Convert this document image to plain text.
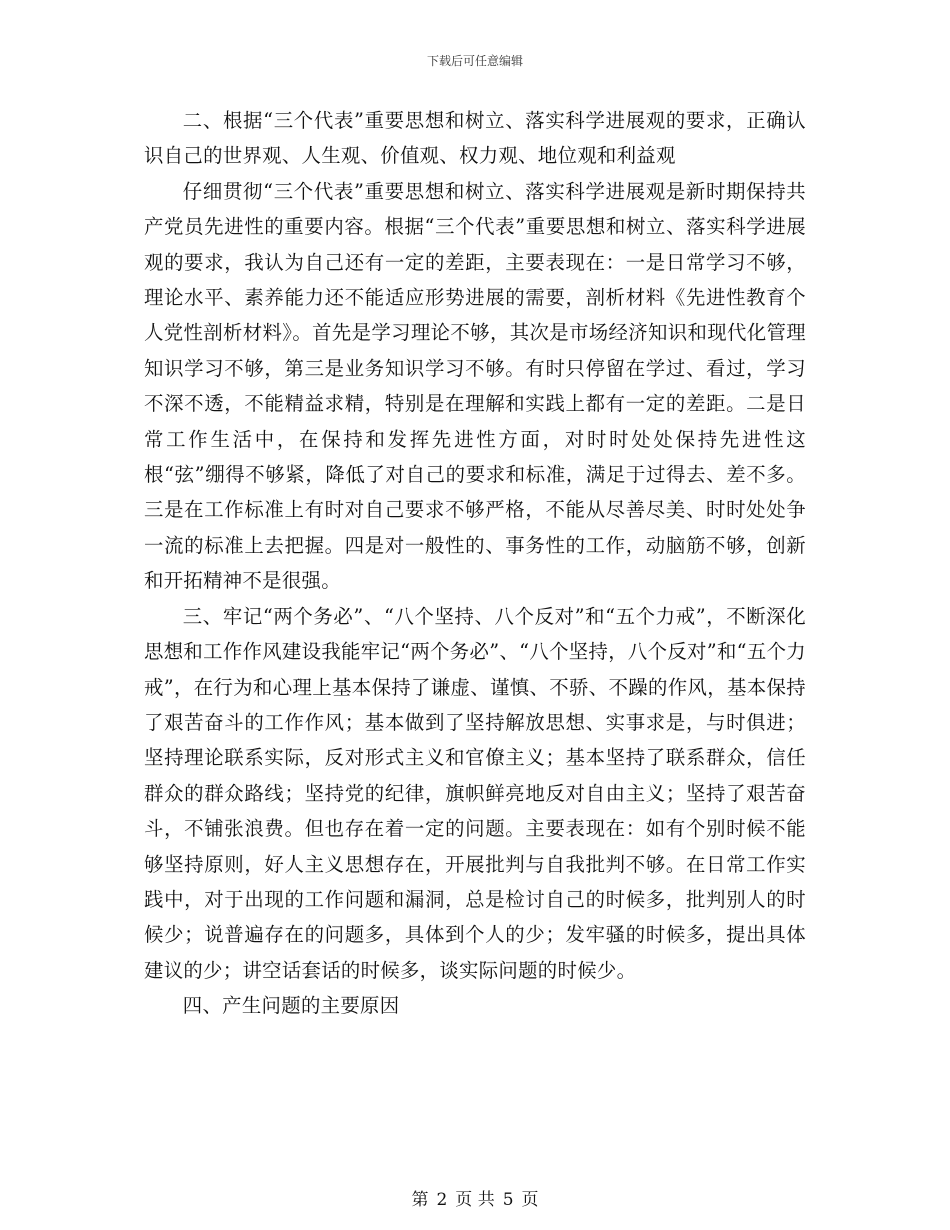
下载后可任意编辑

二、根据“三个代表”重要思想和树立、落实科学进展观的要求，正确认识自己的世界观、人生观、价值观、权力观、地位观和利益观

仔细贯彻“三个代表”重要思想和树立、落实科学进展观是新时期保持共产党员先进性的重要内容。根据“三个代表”重要思想和树立、落实科学进展观的要求，我认为自己还有一定的差距，主要表现在：一是日常学习不够，理论水平、素养能力还不能适应形势进展的需要，剖析材料《先进性教育个人党性剖析材料》。首先是学习理论不够，其次是市场经济知识和现代化管理知识学习不够，第三是业务知识学习不够。有时只停留在学过、看过，学习不深不透，不能精益求精，特别是在理解和实践上都有一定的差距。二是日常工作生活中，在保持和发挥先进性方面，对时时处处保持先进性这根“弦”绷得不够紧，降低了对自己的要求和标准，满足于过得去、差不多。三是在工作标准上有时对自己要求不够严格，不能从尽善尽美、时时处处争一流的标准上去把握。四是对一般性的、事务性的工作，动脑筋不够，创新和开拓精神不是很强。

三、牢记“两个务必”、“八个坚持、八个反对”和“五个力戒”，不断深化思想和工作作风建设我能牢记“两个务必”、“八个坚持，八个反对”和“五个力戒”，在行为和心理上基本保持了谦虚、谨慎、不骄、不躁的作风，基本保持了艰苦奋斗的工作作风；基本做到了坚持解放思想、实事求是，与时俱进；坚持理论联系实际，反对形式主义和官僚主义；基本坚持了联系群众，信任群众的群众路线；坚持党的纪律，旗帜鲜亮地反对自由主义；坚持了艰苦奋斗，不铺张浪费。但也存在着一定的问题。主要表现在：如有个别时候不能够坚持原则，好人主义思想存在，开展批判与自我批判不够。在日常工作实践中，对于出现的工作问题和漏洞，总是检讨自己的时候多，批判别人的时候少；说普遍存在的问题多，具体到个人的少；发牢骚的时候多，提出具体建议的少；讲空话套话的时候多，谈实际问题的时候少。

四、产生问题的主要原因

第 2 页 共 5 页
